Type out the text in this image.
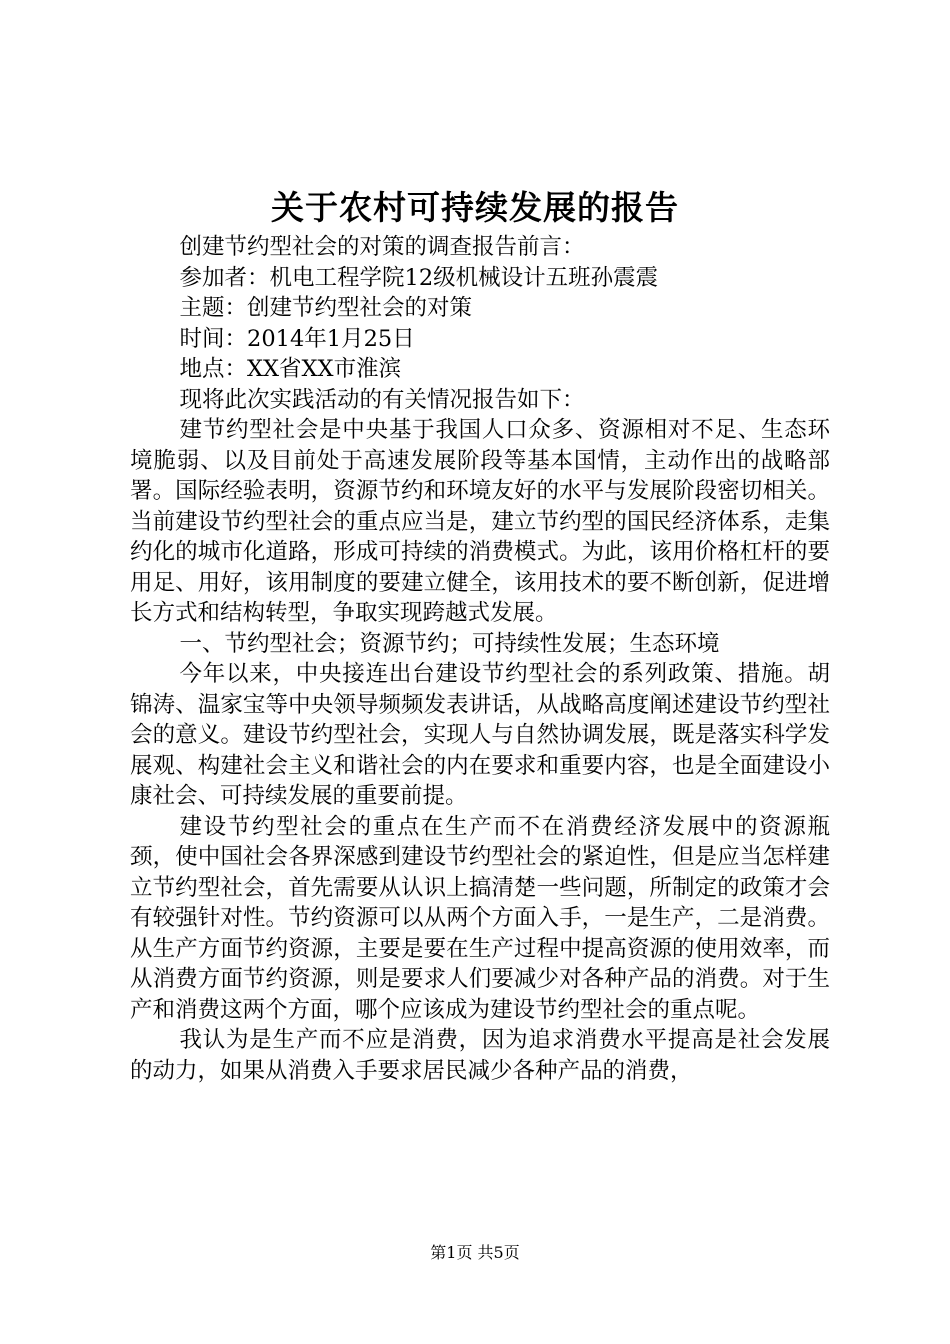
关于农村可持续发展的报告

创建节约型社会的对策的调查报告前言：

参加者：机电工程学院12级机械设计五班孙震震

主题：创建节约型社会的对策

时间：2014年1月25日

地点：XX省XX市淮滨

现将此次实践活动的有关情况报告如下：

建节约型社会是中央基于我国人口众多、资源相对不足、生态环境脆弱、以及目前处于高速发展阶段等基本国情，主动作出的战略部署。国际经验表明，资源节约和环境友好的水平与发展阶段密切相关。当前建设节约型社会的重点应当是，建立节约型的国民经济体系，走集约化的城市化道路，形成可持续的消费模式。为此，该用价格杠杆的要用足、用好，该用制度的要建立健全，该用技术的要不断创新，促进增长方式和结构转型，争取实现跨越式发展。

一、节约型社会；资源节约；可持续性发展；生态环境

今年以来，中央接连出台建设节约型社会的系列政策、措施。胡锦涛、温家宝等中央领导频频发表讲话，从战略高度阐述建设节约型社会的意义。建设节约型社会，实现人与自然协调发展，既是落实科学发展观、构建社会主义和谐社会的内在要求和重要内容，也是全面建设小康社会、可持续发展的重要前提。

建设节约型社会的重点在生产而不在消费经济发展中的资源瓶颈，使中国社会各界深感到建设节约型社会的紧迫性，但是应当怎样建立节约型社会，首先需要从认识上搞清楚一些问题，所制定的政策才会有较强针对性。节约资源可以从两个方面入手，一是生产，二是消费。从生产方面节约资源，主要是要在生产过程中提高资源的使用效率，而从消费方面节约资源，则是要求人们要减少对各种产品的消费。对于生产和消费这两个方面，哪个应该成为建设节约型社会的重点呢。

我认为是生产而不应是消费，因为追求消费水平提高是社会发展的动力，如果从消费入手要求居民减少各种产品的消费，

第1页 共5页
